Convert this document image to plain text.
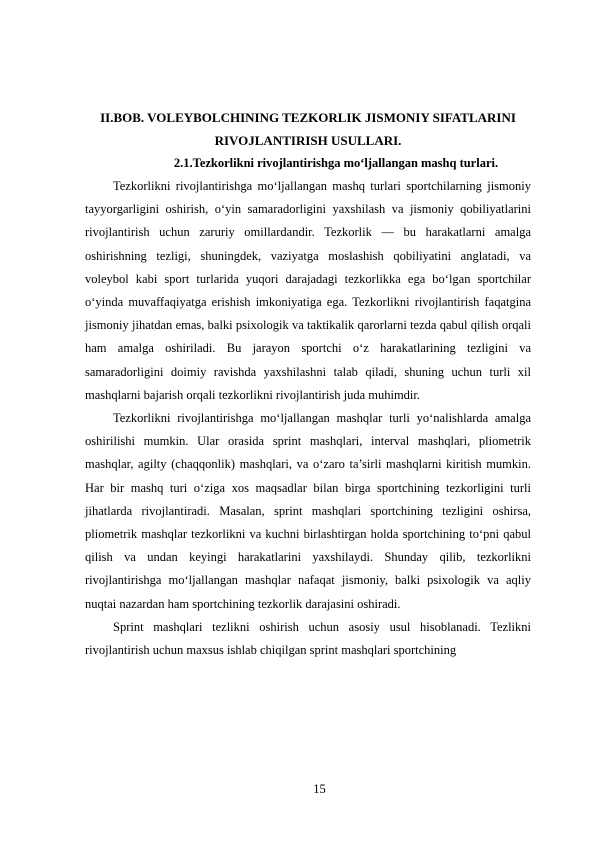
II.BOB. VOLEYBOLCHINING TEZKORLIK JISMONIY SIFATLARINI RIVOJLANTIRISH USULLARI.

2.1.Tezkorlikni rivojlantirishga mo‘ljallangan mashq turlari.

Tezkorlikni rivojlantirishga mo‘ljallangan mashq turlari sportchilarning jismoniy tayyorgarligini oshirish, o‘yin samaradorligini yaxshilash va jismoniy qobiliyatlarini rivojlantirish uchun zaruriy omillardandir. Tezkorlik — bu harakatlarni amalga oshirishning tezligi, shuningdek, vaziyatga moslashish qobiliyatini anglatadi, va voleybol kabi sport turlarida yuqori darajadagi tezkorlikka ega bo‘lgan sportchilar o‘yinda muvaffaqiyatga erishish imkoniyatiga ega. Tezkorlikni rivojlantirish faqatgina jismoniy jihatdan emas, balki psixologik va taktikalik qarorlarni tezda qabul qilish orqali ham amalga oshiriladi. Bu jarayon sportchi o‘z harakatlarining tezligini va samaradorligini doimiy ravishda yaxshilashni talab qiladi, shuning uchun turli xil mashqlarni bajarish orqali tezkorlikni rivojlantirish juda muhimdir.

Tezkorlikni rivojlantirishga mo‘ljallangan mashqlar turli yo‘nalishlarda amalga oshirilishi mumkin. Ular orasida sprint mashqlari, interval mashqlari, pliometrik mashqlar, agilty (chaqqonlik) mashqlari, va o‘zaro ta’sirli mashqlarni kiritish mumkin. Har bir mashq turi o‘ziga xos maqsadlar bilan birga sportchining tezkorligini turli jihatlarda rivojlantiradi. Masalan, sprint mashqlari sportchining tezligini oshirsa, pliometrik mashqlar tezkorlikni va kuchni birlashtirgan holda sportchining to‘pni qabul qilish va undan keyingi harakatlarini yaxshilaydi. Shunday qilib, tezkorlikni rivojlantirishga mo‘ljallangan mashqlar nafaqat jismoniy, balki psixologik va aqliy nuqtai nazardan ham sportchining tezkorlik darajasini oshiradi.

Sprint mashqlari tezlikni oshirish uchun asosiy usul hisoblanadi. Tezlikni rivojlantirish uchun maxsus ishlab chiqilgan sprint mashqlari sportchining

15
